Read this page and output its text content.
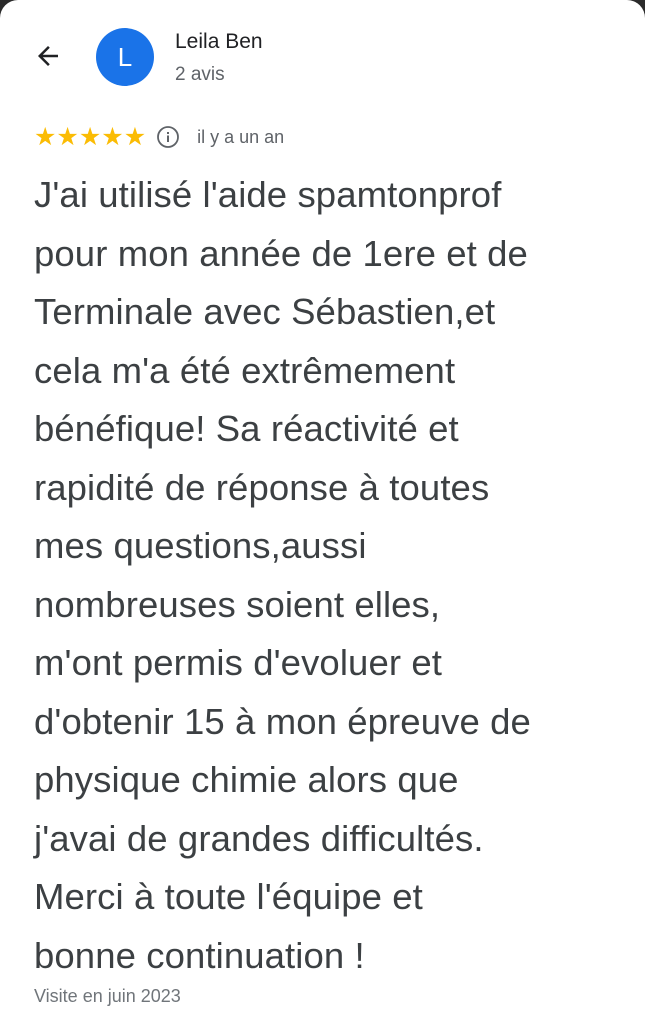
L Leila Ben
2 avis
★ ★ ★ ★ ★	il y a un an
J'ai utilisé l'aide spamtonprof
pour mon année de 1ere et de
Terminale avec Sébastien,et
cela m'a été extrêmement
bénéfique! Sa réactivité et
rapidité de réponse à toutes
mes questions,aussi
nombreuses soient elles,
m'ont permis d'evoluer et
d'obtenir 15 à mon épreuve de
physique chimie alors que
j'avai de grandes difficultés.
Merci à toute l'équipe et
bonne continuation !
Visite en juin 2023
